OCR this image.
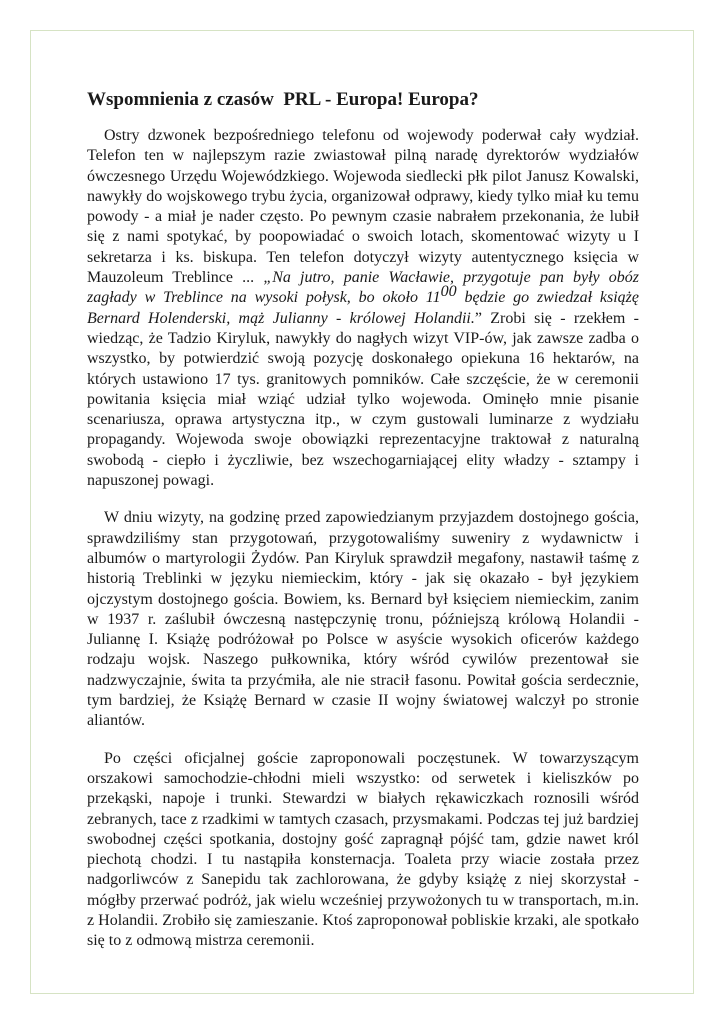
Wspomnienia z czasów  PRL - Europa! Europa?

Ostry dzwonek bezpośredniego telefonu od wojewody poderwał cały wydział. Telefon ten w najlepszym razie zwiastował pilną naradę dyrektorów wydziałów ówczesnego Urzędu Wojewódzkiego. Wojewoda siedlecki płk pilot Janusz Kowalski, nawykły do wojskowego trybu życia, organizował odprawy, kiedy tylko miał ku temu powody - a miał je nader często. Po pewnym czasie nabrałem przekonania, że lubił się z nami spotykać, by poopowiadać o swoich lotach, skomentować wizyty u I sekretarza i ks. biskupa. Ten telefon dotyczył wizyty autentycznego księcia w Mauzoleum Treblince ... „Na jutro, panie Wacławie, przygotuje pan były obóz zagłady w Treblince na wysoki połysk, bo około $11^{00}$ będzie go zwiedzał książę Bernard Holenderski, mąż Julianny - królowej Holandii.” Zrobi się - rzekłem - wiedząc, że Tadzio Kiryluk, nawykły do nagłych wizyt VIP-ów, jak zawsze zadba o wszystko, by potwierdzić swoją pozycję doskonałego opiekuna 16 hektarów, na których ustawiono 17 tys. granitowych pomników. Całe szczęście, że w ceremonii powitania księcia miał wziąć udział tylko wojewoda. Ominęło mnie pisanie scenariusza, oprawa artystyczna itp., w czym gustowali luminarze z wydziału propagandy. Wojewoda swoje obowiązki reprezentacyjne traktował z naturalną swobodą - ciepło i życzliwie, bez wszechogarniającej elity władzy - sztampy i napuszonej powagi.

W dniu wizyty, na godzinę przed zapowiedzianym przyjazdem dostojnego gościa, sprawdziliśmy stan przygotowań, przygotowaliśmy suweniry z wydawnictw i albumów o martyrologii Żydów. Pan Kiryluk sprawdził megafony, nastawił taśmę z historią Treblinki w języku niemieckim, który - jak się okazało - był językiem ojczystym dostojnego gościa. Bowiem, ks. Bernard był księciem niemieckim, zanim w 1937 r. zaślubił ówczesną następczynię tronu, późniejszą królową Holandii - Juliannę I. Książę podróżował po Polsce w asyście wysokich oficerów każdego rodzaju wojsk. Naszego pułkownika, który wśród cywilów prezentował sie nadzwyczajnie, świta ta przyćmiła, ale nie stracił fasonu. Powitał gościa serdecznie, tym bardziej, że Książę Bernard w czasie II wojny światowej walczył po stronie aliantów.

Po części oficjalnej goście zaproponowali poczęstunek. W towarzyszącym orszakowi samochodzie-chłodni mieli wszystko: od serwetek i kieliszków po przekąski, napoje i trunki. Stewardzi w białych rękawiczkach roznosili wśród zebranych, tace z rzadkimi w tamtych czasach, przysmakami. Podczas tej już bardziej swobodnej części spotkania, dostojny gość zapragnął pójść tam, gdzie nawet król piechotą chodzi. I tu nastąpiła konsternacja. Toaleta przy wiacie została przez nadgorliwców z Sanepidu tak zachlorowana, że gdyby książę z niej skorzystał - mógłby przerwać podróż, jak wielu wcześniej przywożonych tu w transportach, m.in. z Holandii. Zrobiło się zamieszanie. Ktoś zaproponował pobliskie krzaki, ale spotkało się to z odmową mistrza ceremonii.
